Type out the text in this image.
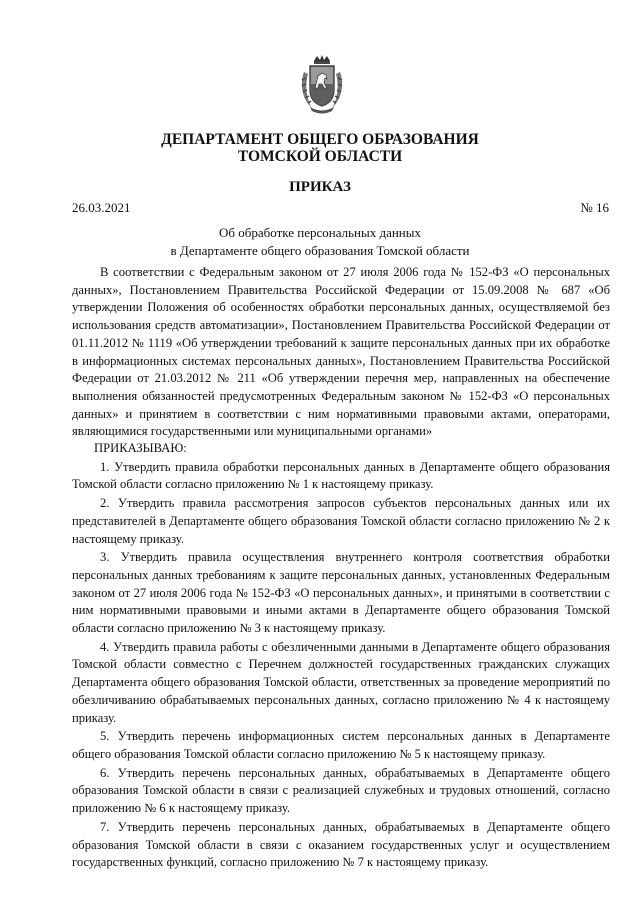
ДЕПАРТАМЕНТ ОБЩЕГО ОБРАЗОВАНИЯ
ТОМСКОЙ ОБЛАСТИ
ПРИКАЗ
26.03.2021	№ 16
Об обработке персональных данных
в Департаменте общего образования Томской области

В соответствии с Федеральным законом от 27 июля 2006 года № 152-ФЗ «О персональных данных», Постановлением Правительства Российской Федерации от 15.09.2008 № 687 «Об утверждении Положения об особенностях обработки персональных данных, осуществляемой без использования средств автоматизации», Постановлением Правительства Российской Федерации от 01.11.2012 № 1119 «Об утверждении требований к защите персональных данных при их обработке в информационных системах персональных данных», Постановлением Правительства Российской Федерации от 21.03.2012 № 211 «Об утверждении перечня мер, направленных на обеспечение выполнения обязанностей предусмотренных Федеральным законом № 152-ФЗ «О персональных данных» и принятием в соответствии с ним нормативными правовыми актами, операторами, являющимися государственными или муниципальными органами»

ПРИКАЗЫВАЮ:

1. Утвердить правила обработки персональных данных в Департаменте общего образования Томской области согласно приложению № 1 к настоящему приказу.

2. Утвердить правила рассмотрения запросов субъектов персональных данных или их представителей в Департаменте общего образования Томской области согласно приложению № 2 к настоящему приказу.

3. Утвердить правила осуществления внутреннего контроля соответствия обработки персональных данных требованиям к защите персональных данных, установленных Федеральным законом от 27 июля 2006 года № 152-ФЗ «О персональных данных», и принятыми в соответствии с ним нормативными правовыми и иными актами в Департаменте общего образования Томской области согласно приложению № 3 к настоящему приказу.

4. Утвердить правила работы с обезличенными данными в Департаменте общего образования Томской области совместно с Перечнем должностей государственных гражданских служащих Департамента общего образования Томской области, ответственных за проведение мероприятий по обезличиванию обрабатываемых персональных данных, согласно приложению № 4 к настоящему приказу.

5. Утвердить перечень информационных систем персональных данных в Департаменте общего образования Томской области согласно приложению № 5 к настоящему приказу.

6. Утвердить перечень персональных данных, обрабатываемых в Департаменте общего образования Томской области в связи с реализацией служебных и трудовых отношений, согласно приложению № 6 к настоящему приказу.

7. Утвердить перечень персональных данных, обрабатываемых в Департаменте общего образования Томской области в связи с оказанием государственных услуг и осуществлением государственных функций, согласно приложению № 7 к настоящему приказу.
